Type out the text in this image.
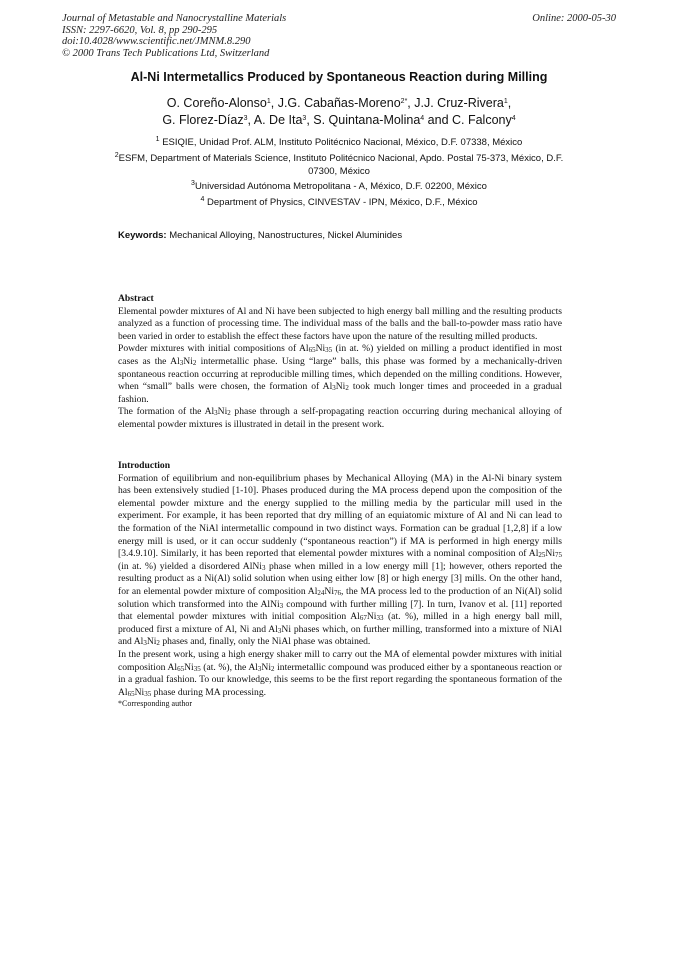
Journal of Metastable and Nanocrystalline Materials
ISSN: 2297-6620, Vol. 8, pp 290-295
doi:10.4028/www.scientific.net/JMNM.8.290
© 2000 Trans Tech Publications Ltd, Switzerland
Online: 2000-05-30
Al-Ni Intermetallics Produced by Spontaneous Reaction during Milling
O. Coreño-Alonso$^1$, J.G. Cabañas-Moreno$^{2*}$, J.J. Cruz-Rivera$^1$,
G. Florez-Díaz$^3$, A. De Ita$^3$, S. Quintana-Molina$^4$ and C. Falcony$^4$

$^1$ ESIQIE, Unidad Prof. ALM, Instituto Politécnico Nacional, México, D.F. 07338, México

$^2$ESFM, Department of Materials Science, Instituto Politécnico Nacional, Apdo. Postal 75-373, México, D.F. 07300, México

$^3$Universidad Autónoma Metropolitana - A, México, D.F. 02200, México

$^4$ Department of Physics, CINVESTAV - IPN, México, D.F., México

Keywords: Mechanical Alloying, Nanostructures, Nickel Aluminides

Abstract

Elemental powder mixtures of Al and Ni have been subjected to high energy ball milling and the resulting products analyzed as a function of processing time. The individual mass of the balls and the ball-to-powder mass ratio have been varied in order to establish the effect these factors have upon the nature of the resulting milled products.

Powder mixtures with initial compositions of $Al_{65}Ni_{35}$ (in at. %) yielded on milling a product identified in most cases as the $Al_3Ni_2$ intermetallic phase. Using “large” balls, this phase was formed by a mechanically-driven spontaneous reaction occurring at reproducible milling times, which depended on the milling conditions. However, when “small” balls were chosen, the formation of $Al_3Ni_2$ took much longer times and proceeded in a gradual fashion.

The formation of the $Al_3Ni_2$ phase through a self-propagating reaction occurring during mechanical alloying of elemental powder mixtures is illustrated in detail in the present work.

Introduction

Formation of equilibrium and non-equilibrium phases by Mechanical Alloying (MA) in the Al-Ni binary system has been extensively studied [1-10]. Phases produced during the MA process depend upon the composition of the elemental powder mixture and the energy supplied to the milling media by the particular mill used in the experiment. For example, it has been reported that dry milling of an equiatomic mixture of Al and Ni can lead to the formation of the NiAl intermetallic compound in two distinct ways. Formation can be gradual [1,2,8] if a low energy mill is used, or it can occur suddenly (“spontaneous reaction”) if MA is performed in high energy mills [3.4.9.10]. Similarly, it has been reported that elemental powder mixtures with a nominal composition of $Al_{25}Ni_{75}$ (in at. %) yielded a disordered AlNi$_3$ phase when milled in a low energy mill [1]; however, others reported the resulting product as a Ni(Al) solid solution when using either low [8] or high energy [3] mills. On the other hand, for an elemental powder mixture of composition $Al_{24}Ni_{76}$, the MA process led to the production of an Ni(Al) solid solution which transformed into the AlNi$_3$ compound with further milling [7]. In turn, Ivanov et al. [11] reported that elemental powder mixtures with initial composition $Al_{67}Ni_{33}$ (at. %), milled in a high energy ball mill, produced first a mixture of Al, Ni and $Al_3Ni$ phases which, on further milling, transformed into a mixture of NiAl and $Al_3Ni_2$ phases and, finally, only the NiAl phase was obtained.

In the present work, using a high energy shaker mill to carry out the MA of elemental powder mixtures with initial composition $Al_{65}Ni_{35}$ (at. %), the $Al_3Ni_2$ intermetallic compound was produced either by a spontaneous reaction or in a gradual fashion. To our knowledge, this seems to be the first report regarding the spontaneous formation of the $Al_{65}Ni_{35}$ phase during MA processing.

*Corresponding author
